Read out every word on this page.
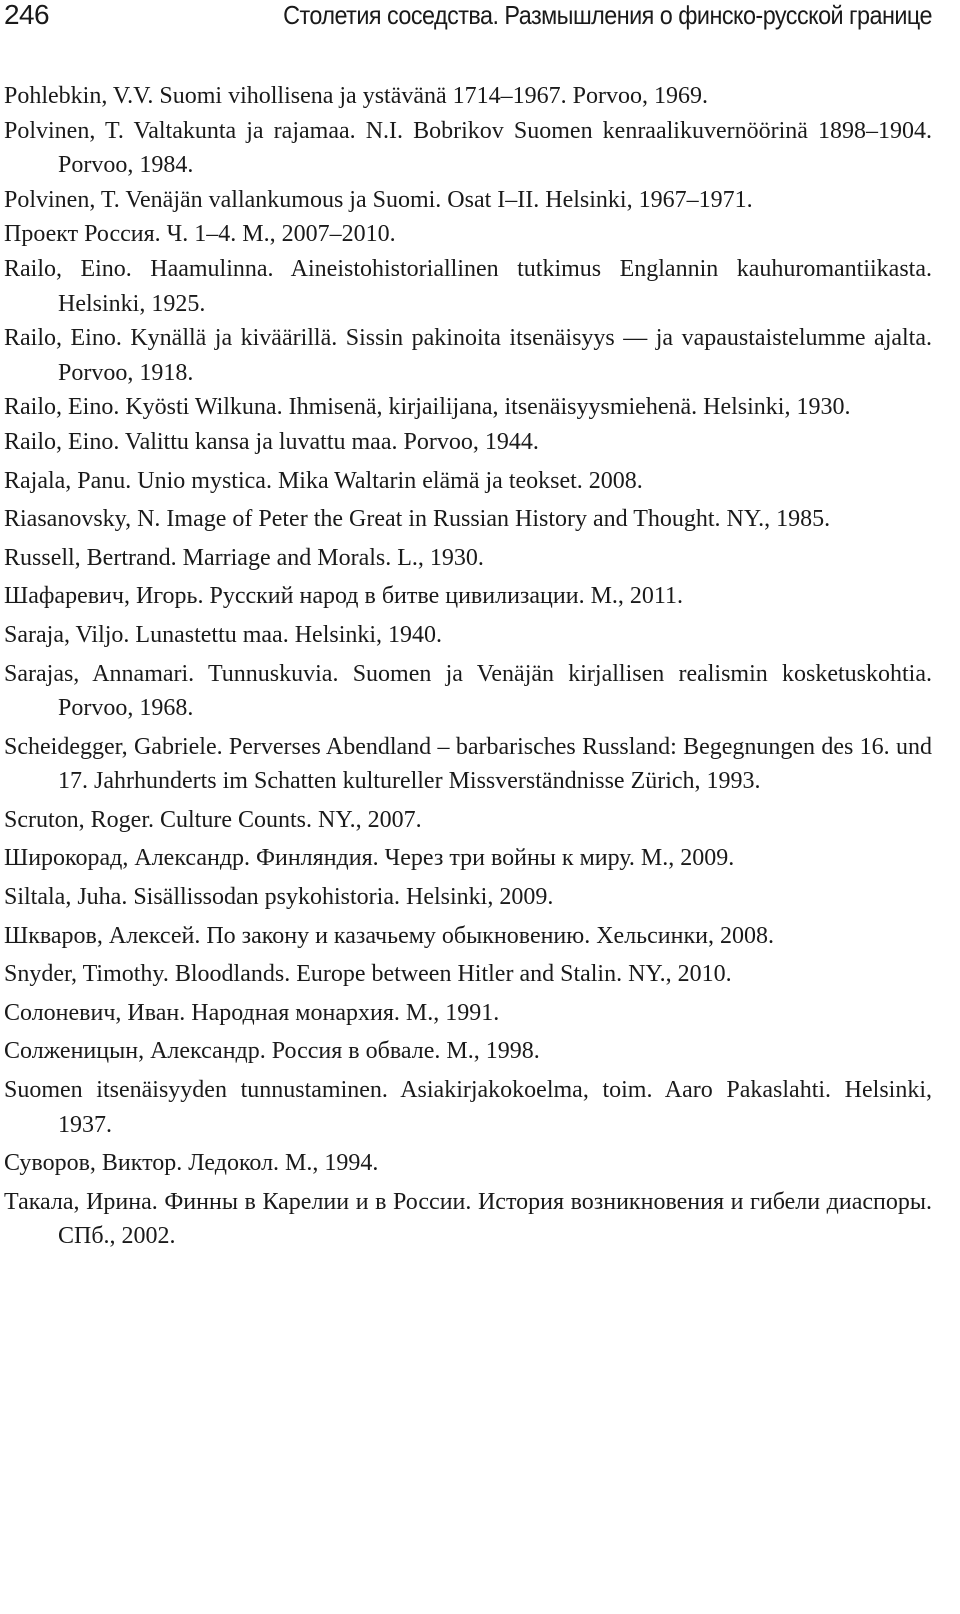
246	Столетия соседства. Размышления о финско-русской границе
Pohlebkin, V.V. Suomi vihollisena ja ystävänä 1714–1967. Porvoo, 1969.
Polvinen, T. Valtakunta ja rajamaa. N.I. Bobrikov Suomen kenraalikuvernöörinä 1898–1904. Porvoo, 1984.
Polvinen, T. Venäjän vallankumous ja Suomi. Osat I–II. Helsinki, 1967–1971.
Проект Россия. Ч. 1–4. М., 2007–2010.
Railo, Eino. Haamulinna. Aineistohistoriallinen tutkimus Englannin kauhuromantiikasta. Helsinki, 1925.
Railo, Eino. Kynällä ja kiväärillä. Sissin pakinoita itsenäisyys — ja vapaustaistelumme ajalta. Porvoo, 1918.
Railo, Eino. Kyösti Wilkuna. Ihmisenä, kirjailijana, itsenäisyysmiehenä. Helsinki, 1930.
Railo, Eino. Valittu kansa ja luvattu maa. Porvoo, 1944.
Rajala, Panu. Unio mystica. Mika Waltarin elämä ja teokset. 2008.
Riasanovsky, N. Image of Peter the Great in Russian History and Thought. NY., 1985.
Russell, Bertrand. Marriage and Morals. L., 1930.
Шафаревич, Игорь. Русский народ в битве цивилизации. М., 2011.
Saraja, Viljo. Lunastettu maa. Helsinki, 1940.
Sarajas, Annamari. Tunnuskuvia. Suomen ja Venäjän kirjallisen realismin kosketuskohtia. Porvoo, 1968.
Scheidegger, Gabriele. Perverses Abendland – barbarisches Russland: Begegnungen des 16. und 17. Jahrhunderts im Schatten kultureller Missverständnisse Zürich, 1993.
Scruton, Roger. Culture Counts. NY., 2007.
Широкорад, Александр. Финляндия. Через три войны к миру. М., 2009.
Siltala, Juha. Sisällissodan psykohistoria. Helsinki, 2009.
Шкваров, Алексей. По закону и казачьему обыкновению. Хельсинки, 2008.
Snyder, Timothy. Bloodlands. Europe between Hitler and Stalin. NY., 2010.
Солоневич, Иван. Народная монархия. М., 1991.
Солженицын, Александр. Россия в обвале. М., 1998.
Suomen itsenäisyyden tunnustaminen. Asiakirjakokoelma, toim. Aaro Pakaslahti. Helsinki, 1937.
Суворов, Виктор. Ледокол. М., 1994.
Такала, Ирина. Финны в Карелии и в России. История возникновения и гибели диаспоры. СПб., 2002.
